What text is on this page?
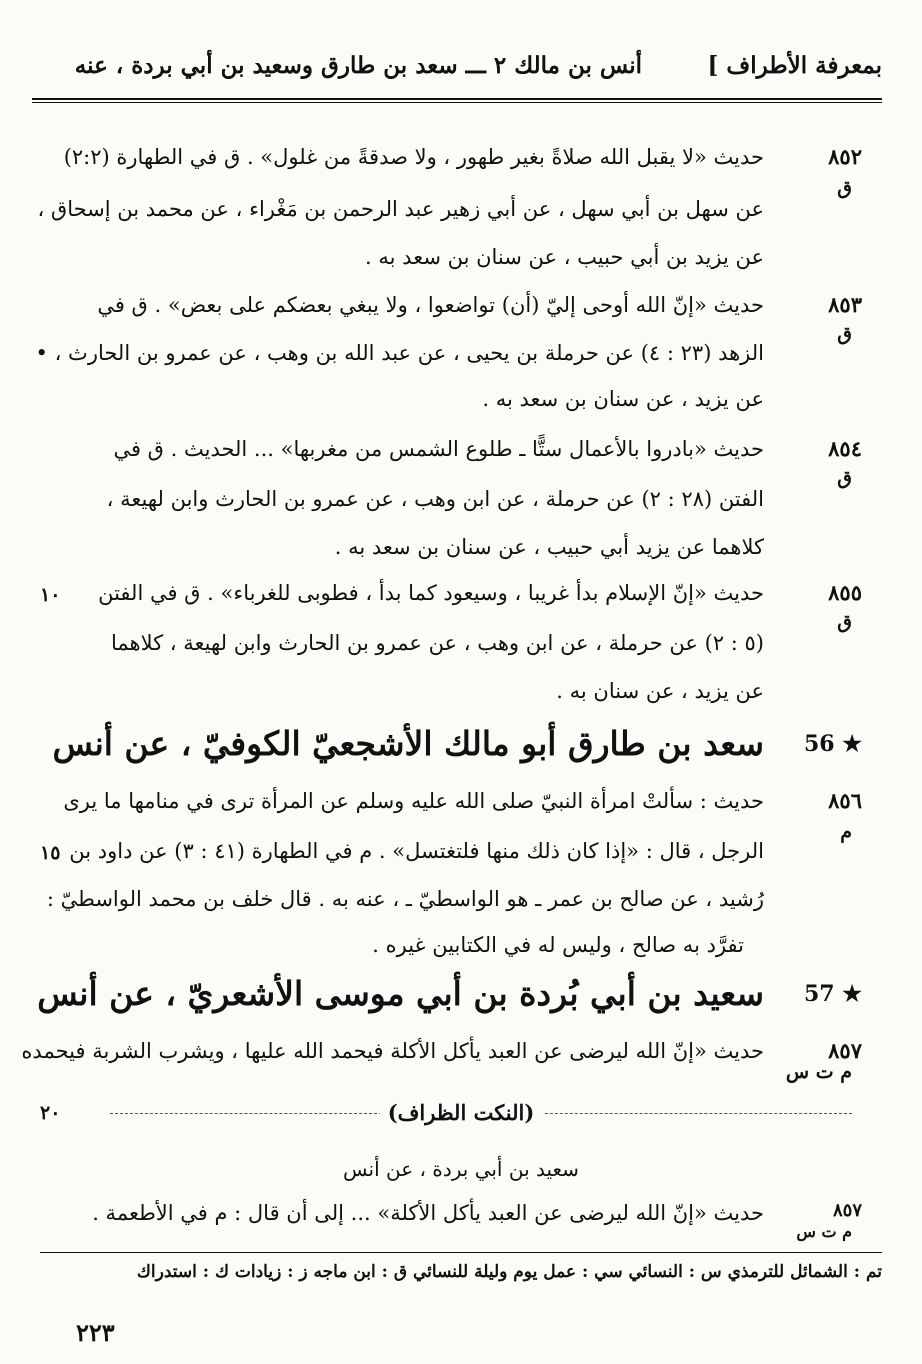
بمعرفة الأطراف ]
أنس بن مالك ۲ ـــ سعد بن طارق وسعيد بن أبي بردة ، عنه
٨٥٢
ق
حديث «لا يقبل الله صلاةً بغير طهور ، ولا صدقةً من غلول» . ق في الطهارة (٢:٢)
عن سهل بن أبي سهل ، عن أبي زهير عبد الرحمن بن مَغْراء ، عن محمد بن إسحاق ،
عن يزيد بن أبي حبيب ، عن سنان بن سعد به .
٨٥٣
ق
حديث «إنّ الله أوحى إليّ (أن) تواضعوا ، ولا يبغي بعضكم على بعض» . ق في
الزهد (٢٣ : ٤) عن حرملة بن يحيى ، عن عبد الله بن وهب ، عن عمرو بن الحارث ، •
عن يزيد ، عن سنان بن سعد به .
٨٥٤
ق
حديث «بادروا بالأعمال ستًّا ـ طلوع الشمس من مغربها» ... الحديث . ق في
الفتن (٢٨ : ٢) عن حرملة ، عن ابن وهب ، عن عمرو بن الحارث وابن لهيعة ،
كلاهما عن يزيد أبي حبيب ، عن سنان بن سعد به .
٨٥٥
ق
حديث «إنّ الإسلام بدأ غريبا ، وسيعود كما بدأ ، فطوبى للغرباء» . ق في الفتن
(٥ : ٢) عن حرملة ، عن ابن وهب ، عن عمرو بن الحارث وابن لهيعة ، كلاهما
عن يزيد ، عن سنان به .
١٠
56 ★
سعد بن طارق أبو مالك الأشجعيّ الكوفيّ ، عن أنس
٨٥٦
م
حديث : سألتْ امرأة النبيّ صلى الله عليه وسلم عن المرأة ترى في منامها ما يرى
الرجل ، قال : «إذا كان ذلك منها فلتغتسل» . م في الطهارة (٤١ : ٣) عن داود بن
رُشيد ، عن صالح بن عمر ـ هو الواسطيّ ـ ، عنه به . قال خلف بن محمد الواسطيّ :
تفرَّد به صالح ، وليس له في الكتابين غيره .
١٥
57 ★
سعيد بن أبي بُردة بن أبي موسى الأشعريّ ، عن أنس
٨٥٧
م ت س
حديث «إنّ الله ليرضى عن العبد يأكل الأكلة فيحمد الله عليها ، ويشرب الشربة فيحمده
(النكت الظراف)
٢٠
سعيد بن أبي بردة ، عن أنس
٨٥٧
م ت س
حديث «إنّ الله ليرضى عن العبد يأكل الأكلة» ... إلى أن قال : م في الأطعمة .
تم : الشمائل للترمذي س : النسائي سي : عمل يوم وليلة للنسائي ق : ابن ماجه ز : زيادات ك : استدراك
٢٢٣
